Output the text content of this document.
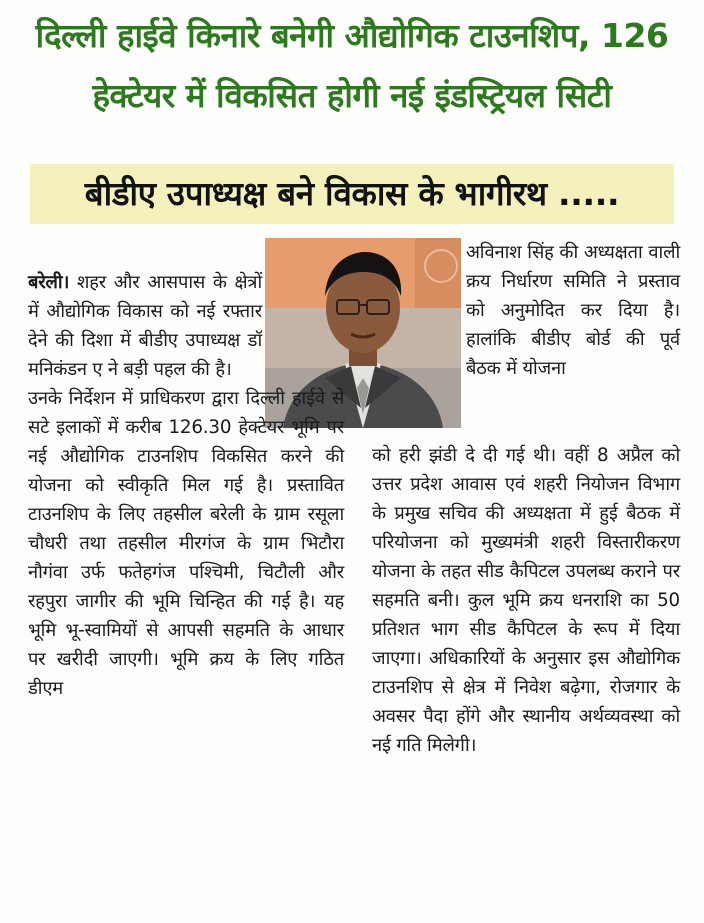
दिल्ली हाईवे किनारे बनेगी औद्योगिक टाउनशिप, 126
हेक्टेयर में विकसित होगी नई इंडस्ट्रियल सिटी
बीडीए उपाध्यक्ष बने विकास के भागीरथ .....

बरेली। शहर और आसपास के क्षेत्रों में औद्योगिक विकास को नई रफ्तार देने की दिशा में बीडीए उपाध्यक्ष डॉ मनिकंडन ए ने बड़ी पहल की है।

उनके निर्देशन में प्राधिकरण द्वारा दिल्ली हाईवे से सटे इलाकों में करीब 126.30 हेक्टेयर भूमि पर नई औद्योगिक टाउनशिप विकसित करने की योजना को स्वीकृति मिल गई है। प्रस्तावित टाउनशिप के लिए तहसील बरेली के ग्राम रसूला चौधरी तथा तहसील मीरगंज के ग्राम भिटौरा नौगंवा उर्फ फतेहगंज पश्चिमी, चिटौली और रहपुरा जागीर की भूमि चिन्हित की गई है। यह भूमि भू-स्वामियों से आपसी सहमति के आधार पर खरीदी जाएगी। भूमि क्रय के लिए गठित डीएम

अविनाश सिंह की अध्यक्षता वाली क्रय निर्धारण समिति ने प्रस्ताव को अनुमोदित कर दिया है। हालांकि बीडीए बोर्ड की पूर्व बैठक में योजना

को हरी झंडी दे दी गई थी। वहीं 8 अप्रैल को उत्तर प्रदेश आवास एवं शहरी नियोजन विभाग के प्रमुख सचिव की अध्यक्षता में हुई बैठक में परियोजना को मुख्यमंत्री शहरी विस्तारीकरण योजना के तहत सीड कैपिटल उपलब्ध कराने पर सहमति बनी। कुल भूमि क्रय धनराशि का 50 प्रतिशत भाग सीड कैपिटल के रूप में दिया जाएगा। अधिकारियों के अनुसार इस औद्योगिक टाउनशिप से क्षेत्र में निवेश बढ़ेगा, रोजगार के अवसर पैदा होंगे और स्थानीय अर्थव्यवस्था को नई गति मिलेगी।
